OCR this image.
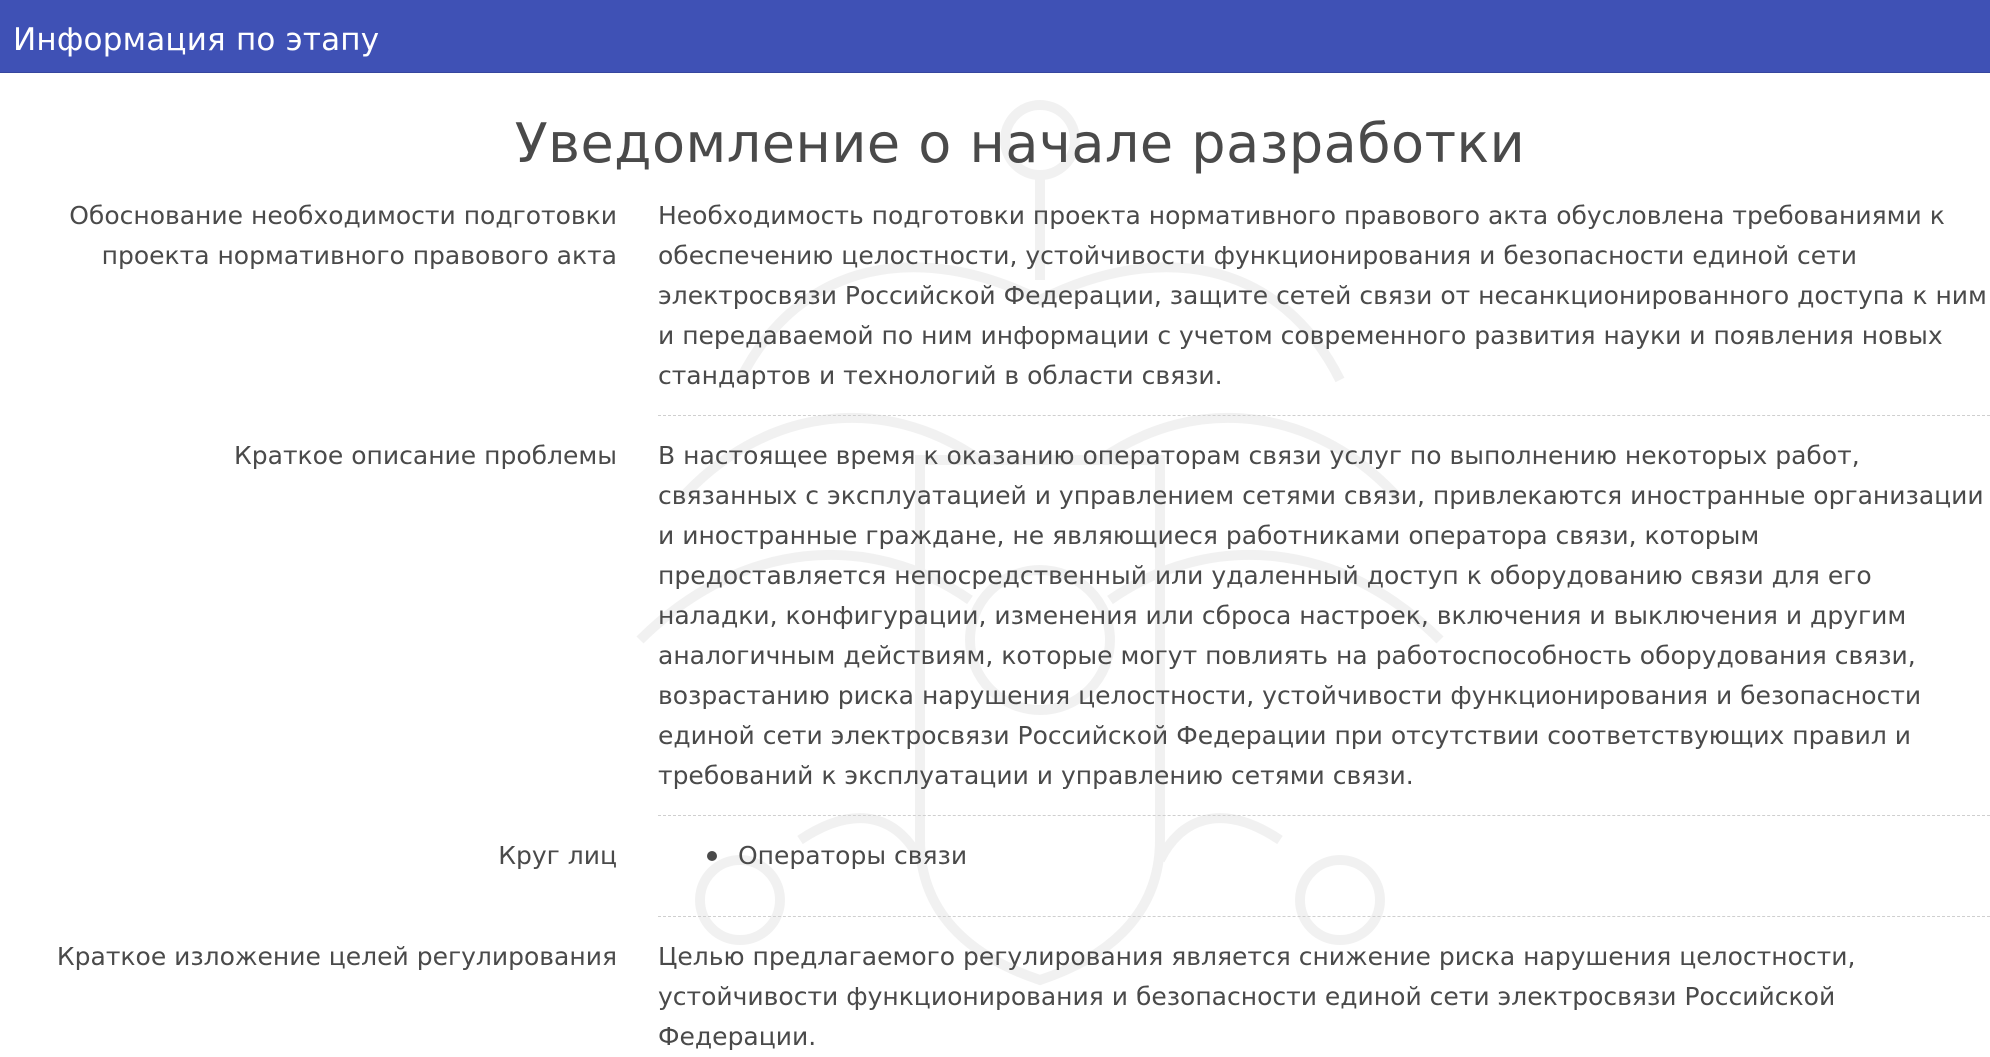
Информация по этапу
Уведомление о начале разработки
Обоснование необходимости подготовки
проекта нормативного правового акта
Необходимость подготовки проекта нормативного правового акта обусловлена требованиями к обеспечению целостности, устойчивости функционирования и безопасности единой сети электросвязи Российской Федерации, защите сетей связи от несанкционированного доступа к ним и передаваемой по ним информации с учетом современного развития науки и появления новых стандартов и технологий в области связи.
Краткое описание проблемы В настоящее время к оказанию операторам связи услуг по выполнению некоторых работ, связанных с эксплуатацией и управлением сетями связи, привлекаются иностранные организации и иностранные граждане, не являющиеся работниками оператора связи, которым предоставляется непосредственный или удаленный доступ к оборудованию связи для его наладки, конфигурации, изменения или сброса настроек, включения и выключения и другим аналогичным действиям, которые могут повлиять на работоспособность оборудования связи, возрастанию риска нарушения целостности, устойчивости функционирования и безопасности единой сети электросвязи Российской Федерации при отсутствии соответствующих правил и требований к эксплуатации и управлению сетями связи.
Круг лиц	Операторы связи
Краткое изложение целей регулирования Целью предлагаемого регулирования является снижение риска нарушения целостности, устойчивости функционирования и безопасности единой сети электросвязи Российской Федерации.
